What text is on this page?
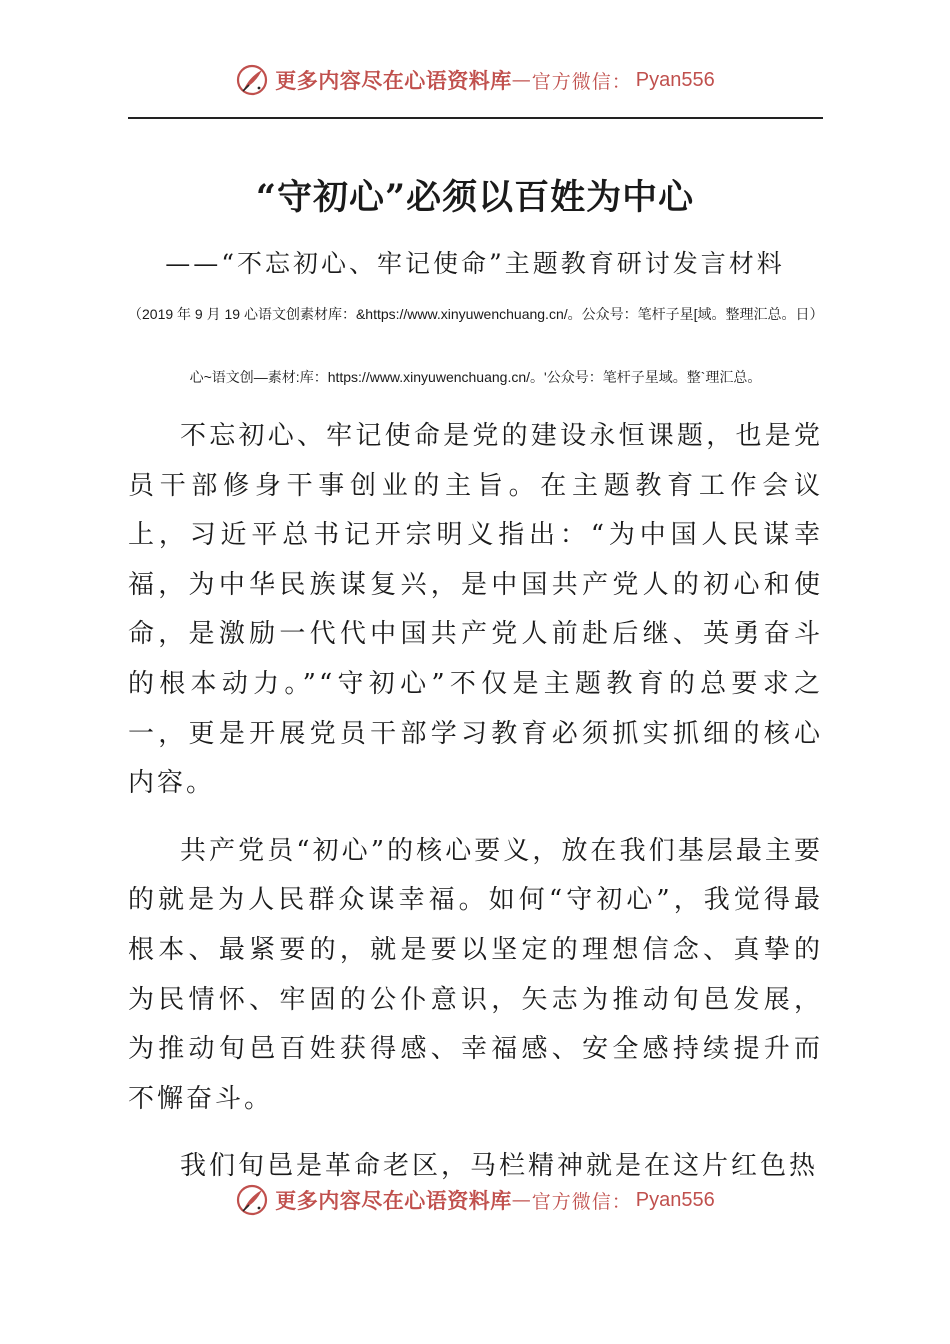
更多内容尽在心语资料库 — 官方微信： Pyan556
“守初心”必须以百姓为中心
——“不忘初心、牢记使命”主题教育研讨发言材料
（2019 年 9 月 19 心语文创素材库：&https://www.xinyuwenchuang.cn/。公众号：笔杆子星[域。整理汇总。日）
心~语文创—素材:库：https://www.xinyuwenchuang.cn/。'公众号：笔杆子星域。整`理汇总。

不忘初心、牢记使命是党的建设永恒课题，也是党员干部修身干事创业的主旨。在主题教育工作会议上，习近平总书记开宗明义指出：“为中国人民谋幸福，为中华民族谋复兴，是中国共产党人的初心和使命，是激励一代代中国共产党人前赴后继、英勇奋斗的根本动力。”“守初心”不仅是主题教育的总要求之一，更是开展党员干部学习教育必须抓实抓细的核心内容。

共产党员“初心”的核心要义，放在我们基层最主要的就是为人民群众谋幸福。如何“守初心”，我觉得最根本、最紧要的，就是要以坚定的理想信念、真挚的为民情怀、牢固的公仆意识，矢志为推动旬邑发展，为推动旬邑百姓获得感、幸福感、安全感持续提升而不懈奋斗。

我们旬邑是革命老区，马栏精神就是在这片红色热

更多内容尽在心语资料库 — 官方微信： Pyan556
